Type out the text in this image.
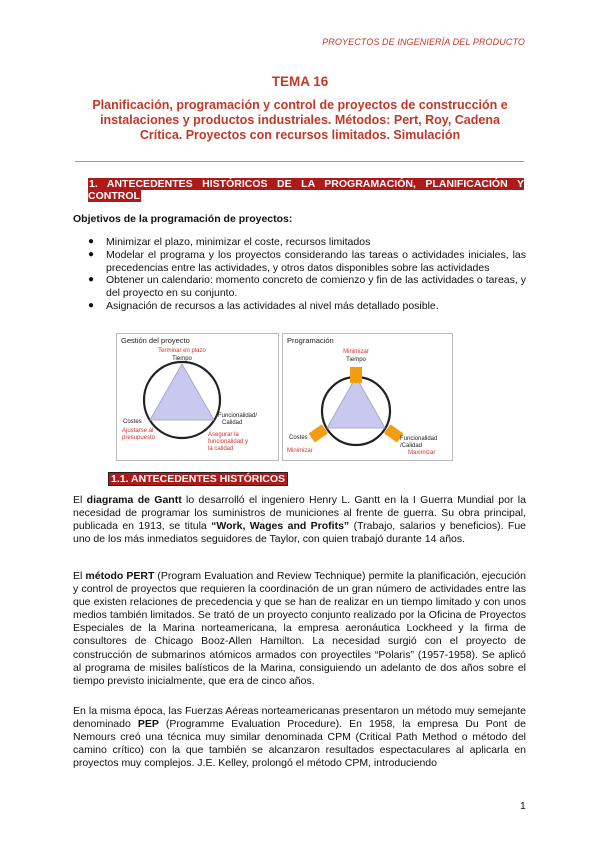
PROYECTOS DE INGENIERÍA DEL PRODUCTO
TEMA 16
Planificación, programación y control de proyectos de construcción e instalaciones y productos industriales. Métodos: Pert, Roy, Cadena Crítica. Proyectos con recursos limitados. Simulación
1. ANTECEDENTES HISTÓRICOS DE LA PROGRAMACIÓN, PLANIFICACIÓN Y CONTROL
Objetivos de la programación de proyectos:
● Minimizar el plazo, minimizar el coste, recursos limitados
● Modelar el programa y los proyectos considerando las tareas o actividades iniciales, las precedencias entre las actividades, y otros datos disponibles sobre las actividades
● Obtener un calendario: momento concreto de comienzo y fin de las actividades o tareas, y del proyecto en su conjunto.
● Asignación de recursos a las actividades al nivel más detallado posible.
Gestión del proyecto
Terminar en plazo
Tiempo
Costes
Ajustarse al
presupuesto
Funcionalidad/
Calidad
Asegurar la
funcionalidad y
la calidad
Programación
Minimizar
Tiempo
Costes
Minimizar
Funcionalidad
/Calidad
Maximizar
1.1. ANTECEDENTES HISTÓRICOS

El diagrama de Gantt lo desarrolló el ingeniero Henry L. Gantt en la I Guerra Mundial por la necesidad de programar los suministros de municiones al frente de guerra. Su obra principal, publicada en 1913, se titula “Work, Wages and Profits” (Trabajo, salarios y beneficios). Fue uno de los más inmediatos seguidores de Taylor, con quien trabajó durante 14 años.

El método PERT (Program Evaluation and Review Technique) permite la planificación, ejecución y control de proyectos que requieren la coordinación de un gran número de actividades entre las que existen relaciones de precedencia y que se han de realizar en un tiempo limitado y con unos medios también limitados. Se trató de un proyecto conjunto realizado por la Oficina de Proyectos Especiales de la Marina norteamericana, la empresa aeronáutica Lockheed y la firma de consultores de Chicago Booz-Allen Hamilton. La necesidad surgió con el proyecto de construcción de submarinos atómicos armados con proyectiles “Polaris” (1957-1958). Se aplicó al programa de misiles balísticos de la Marina, consiguiendo un adelanto de dos años sobre el tiempo previsto inicialmente, que era de cinco años.

En la misma época, las Fuerzas Aéreas norteamericanas presentaron un método muy semejante denominado PEP (Programme Evaluation Procedure). En 1958, la empresa Du Pont de Nemours creó una técnica muy similar denominada CPM (Critical Path Method o método del camino crítico) con la que también se alcanzaron resultados espectaculares al aplicarla en proyectos muy complejos. J.E. Kelley, prolongó el método CPM, introduciendo

1
